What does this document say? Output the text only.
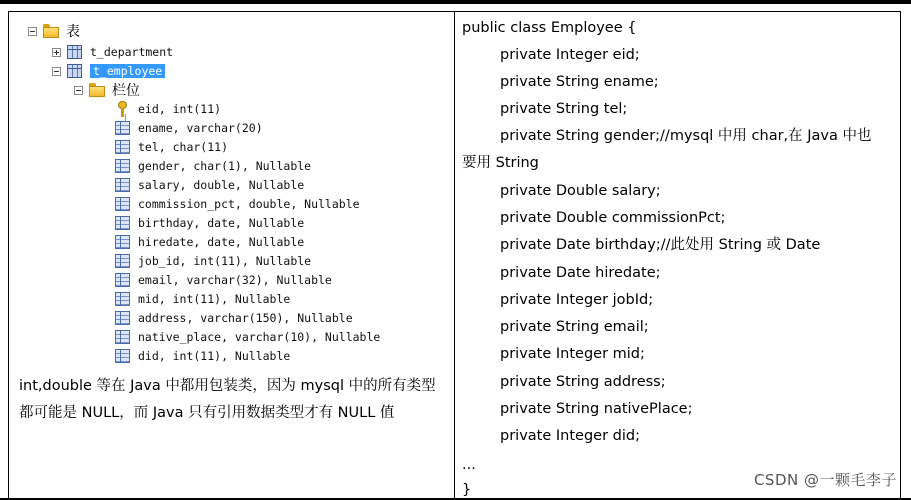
表
t_department
t_employee
栏位
eid, int(11)
ename, varchar(20)
tel, char(11)
gender, char(1), Nullable
salary, double, Nullable
commission_pct, double, Nullable
birthday, date, Nullable
hiredate, date, Nullable
job_id, int(11), Nullable
email, varchar(32), Nullable
mid, int(11), Nullable
address, varchar(150), Nullable
native_place, varchar(10), Nullable
did, int(11), Nullable
int,double 等在 Java 中都用包装类，因为 mysql 中的所有类型都可能是 NULL，而 Java 只有引用数据类型才有 NULL 值
public class Employee {
private Integer eid;
private String ename;
private String tel;
private String gender;//mysql 中用 char,在 Java 中也
要用 String
private Double salary;
private Double commissionPct;
private Date birthday;//此处用 String 或 Date
private Date hiredate;
private Integer jobId;
private String email;
private Integer mid;
private String address;
private String nativePlace;
private Integer did;
...
}
CSDN @一颗毛李子
